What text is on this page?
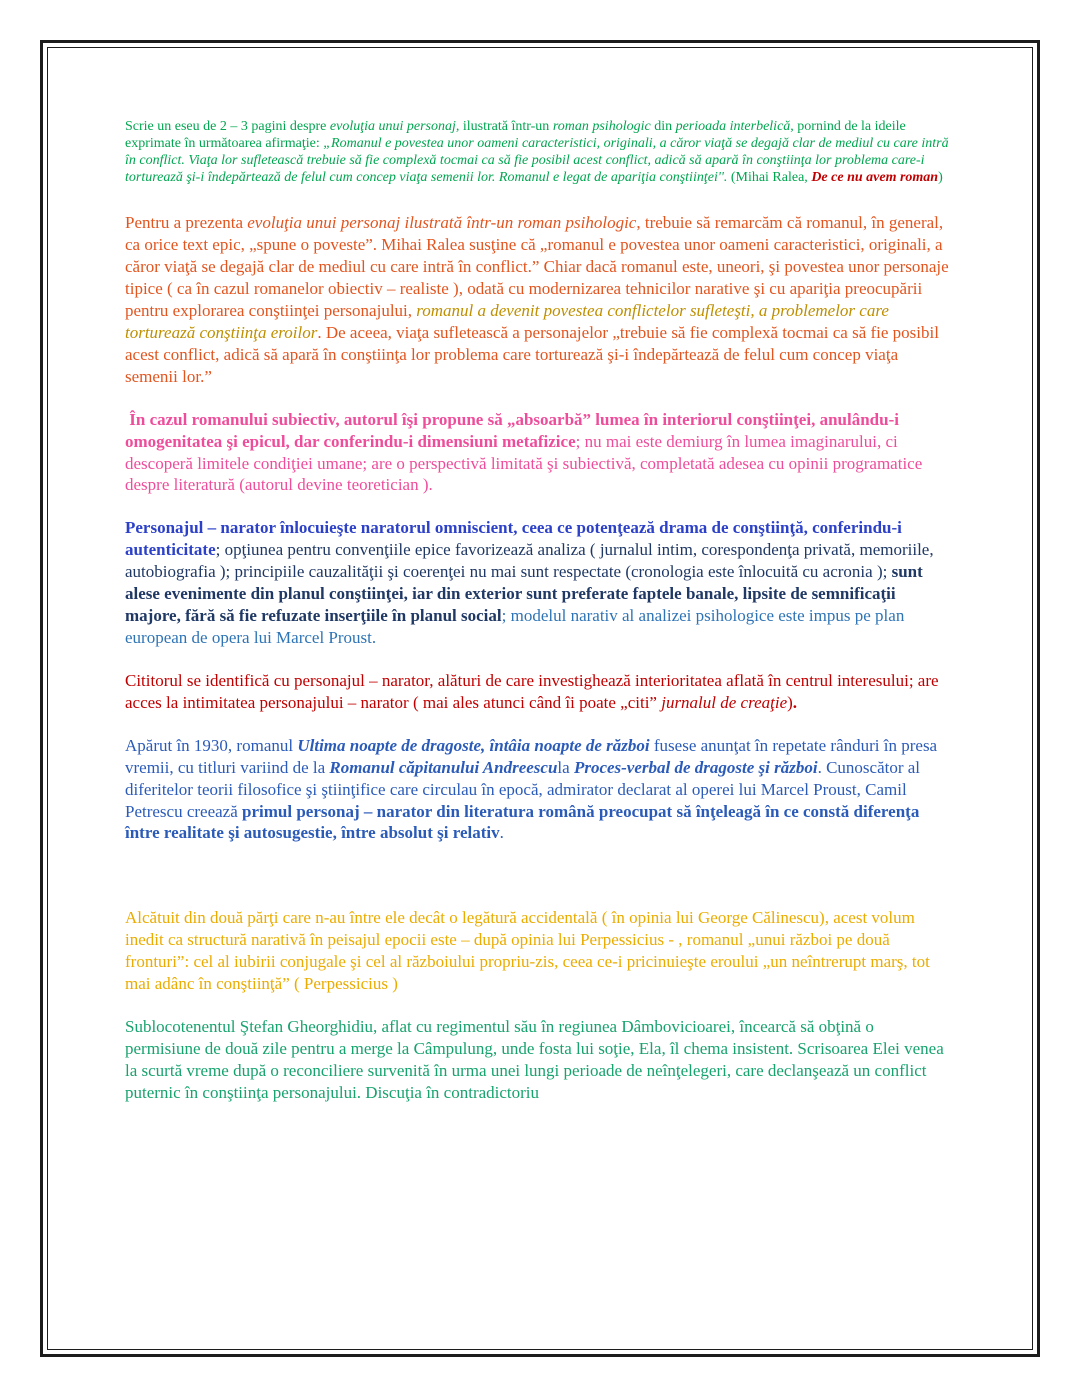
Scrie un eseu de 2 – 3 pagini despre evoluţia unui personaj, ilustrată într-un roman psihologic din perioada interbelică, pornind de la ideile exprimate în următoarea afirmaţie: „Romanul e povestea unor oameni caracteristici, originali, a căror viaţă se degajă clar de mediul cu care intră în conflict. Viaţa lor sufletească trebuie să fie complexă tocmai ca să fie posibil acest conflict, adică să apară în conştiinţa lor problema care-i torturează şi-i îndepărtează de felul cum concep viaţa semenii lor. Romanul e legat de apariţia conştiinţei''. (Mihai Ralea, De ce nu avem roman)

Pentru a prezenta evoluţia unui personaj ilustrată într-un roman psihologic, trebuie să remarcăm că romanul, în general, ca orice text epic, „spune o poveste”. Mihai Ralea susţine că „romanul e povestea unor oameni caracteristici, originali, a căror viaţă se degajă clar de mediul cu care intră în conflict.” Chiar dacă romanul este, uneori, şi povestea unor personaje tipice ( ca în cazul romanelor obiectiv – realiste ), odată cu modernizarea tehnicilor narative şi cu apariţia preocupării pentru explorarea conştiinţei personajului, romanul a devenit povestea conflictelor sufleteşti, a problemelor care torturează conştiinţa eroilor. De aceea, viaţa sufletească a personajelor „trebuie să fie complexă tocmai ca să fie posibil acest conflict, adică să apară în conştiinţa lor problema care torturează şi-i îndepărtează de felul cum concep viaţa semenii lor.”

În cazul romanului subiectiv, autorul îşi propune să „absoarbă” lumea în interiorul conştiinţei, anulându-i omogenitatea şi epicul, dar conferindu-i dimensiuni metafizice; nu mai este demiurg în lumea imaginarului, ci descoperă limitele condiţiei umane; are o perspectivă limitată şi subiectivă, completată adesea cu opinii programatice despre literatură (autorul devine teoretician ).

Personajul – narator înlocuieşte naratorul omniscient, ceea ce potenţează drama de conştiinţă, conferindu-i autenticitate; opţiunea pentru convenţiile epice favorizează analiza ( jurnalul intim, corespondenţa privată, memoriile, autobiografia ); principiile cauzalităţii şi coerenţei nu mai sunt respectate (cronologia este înlocuită cu acronia ); sunt alese evenimente din planul conştiinţei, iar din exterior sunt preferate faptele banale, lipsite de semnificaţii majore, fără să fie refuzate inserţiile în planul social; modelul narativ al analizei psihologice este impus pe plan european de opera lui Marcel Proust.

Cititorul se identifică cu personajul – narator, alături de care investighează interioritatea aflată în centrul interesului; are acces la intimitatea personajului – narator ( mai ales atunci când îi poate „citi” jurnalul de creaţie).

Apărut în 1930, romanul Ultima noapte de dragoste, întâia noapte de război fusese anunţat în repetate rânduri în presa vremii, cu titluri variind de la Romanul căpitanului Andreescula Proces-verbal de dragoste şi război. Cunoscător al diferitelor teorii filosofice şi ştiinţifice care circulau în epocă, admirator declarat al operei lui Marcel Proust, Camil Petrescu creează primul personaj – narator din literatura română preocupat să înţeleagă în ce constă diferenţa între realitate şi autosugestie, între absolut şi relativ.

Alcătuit din două părţi care n-au între ele decât o legătură accidentală ( în opinia lui George Călinescu), acest volum inedit ca structură narativă în peisajul epocii este – după opinia lui Perpessicius - , romanul „unui război pe două fronturi”: cel al iubirii conjugale şi cel al războiului propriu-zis, ceea ce-i pricinuieşte eroului „un neîntrerupt marş, tot mai adânc în conştiinţă” ( Perpessicius )

Sublocotenentul Ştefan Gheorghidiu, aflat cu regimentul său în regiunea Dâmbovicioarei, încearcă să obţină o permisiune de două zile pentru a merge la Câmpulung, unde fosta lui soţie, Ela, îl chema insistent. Scrisoarea Elei venea la scurtă vreme după o reconciliere survenită în urma unei lungi perioade de neînţelegeri, care declanşează un conflict puternic în conştiinţa personajului. Discuţia în contradictoriu
